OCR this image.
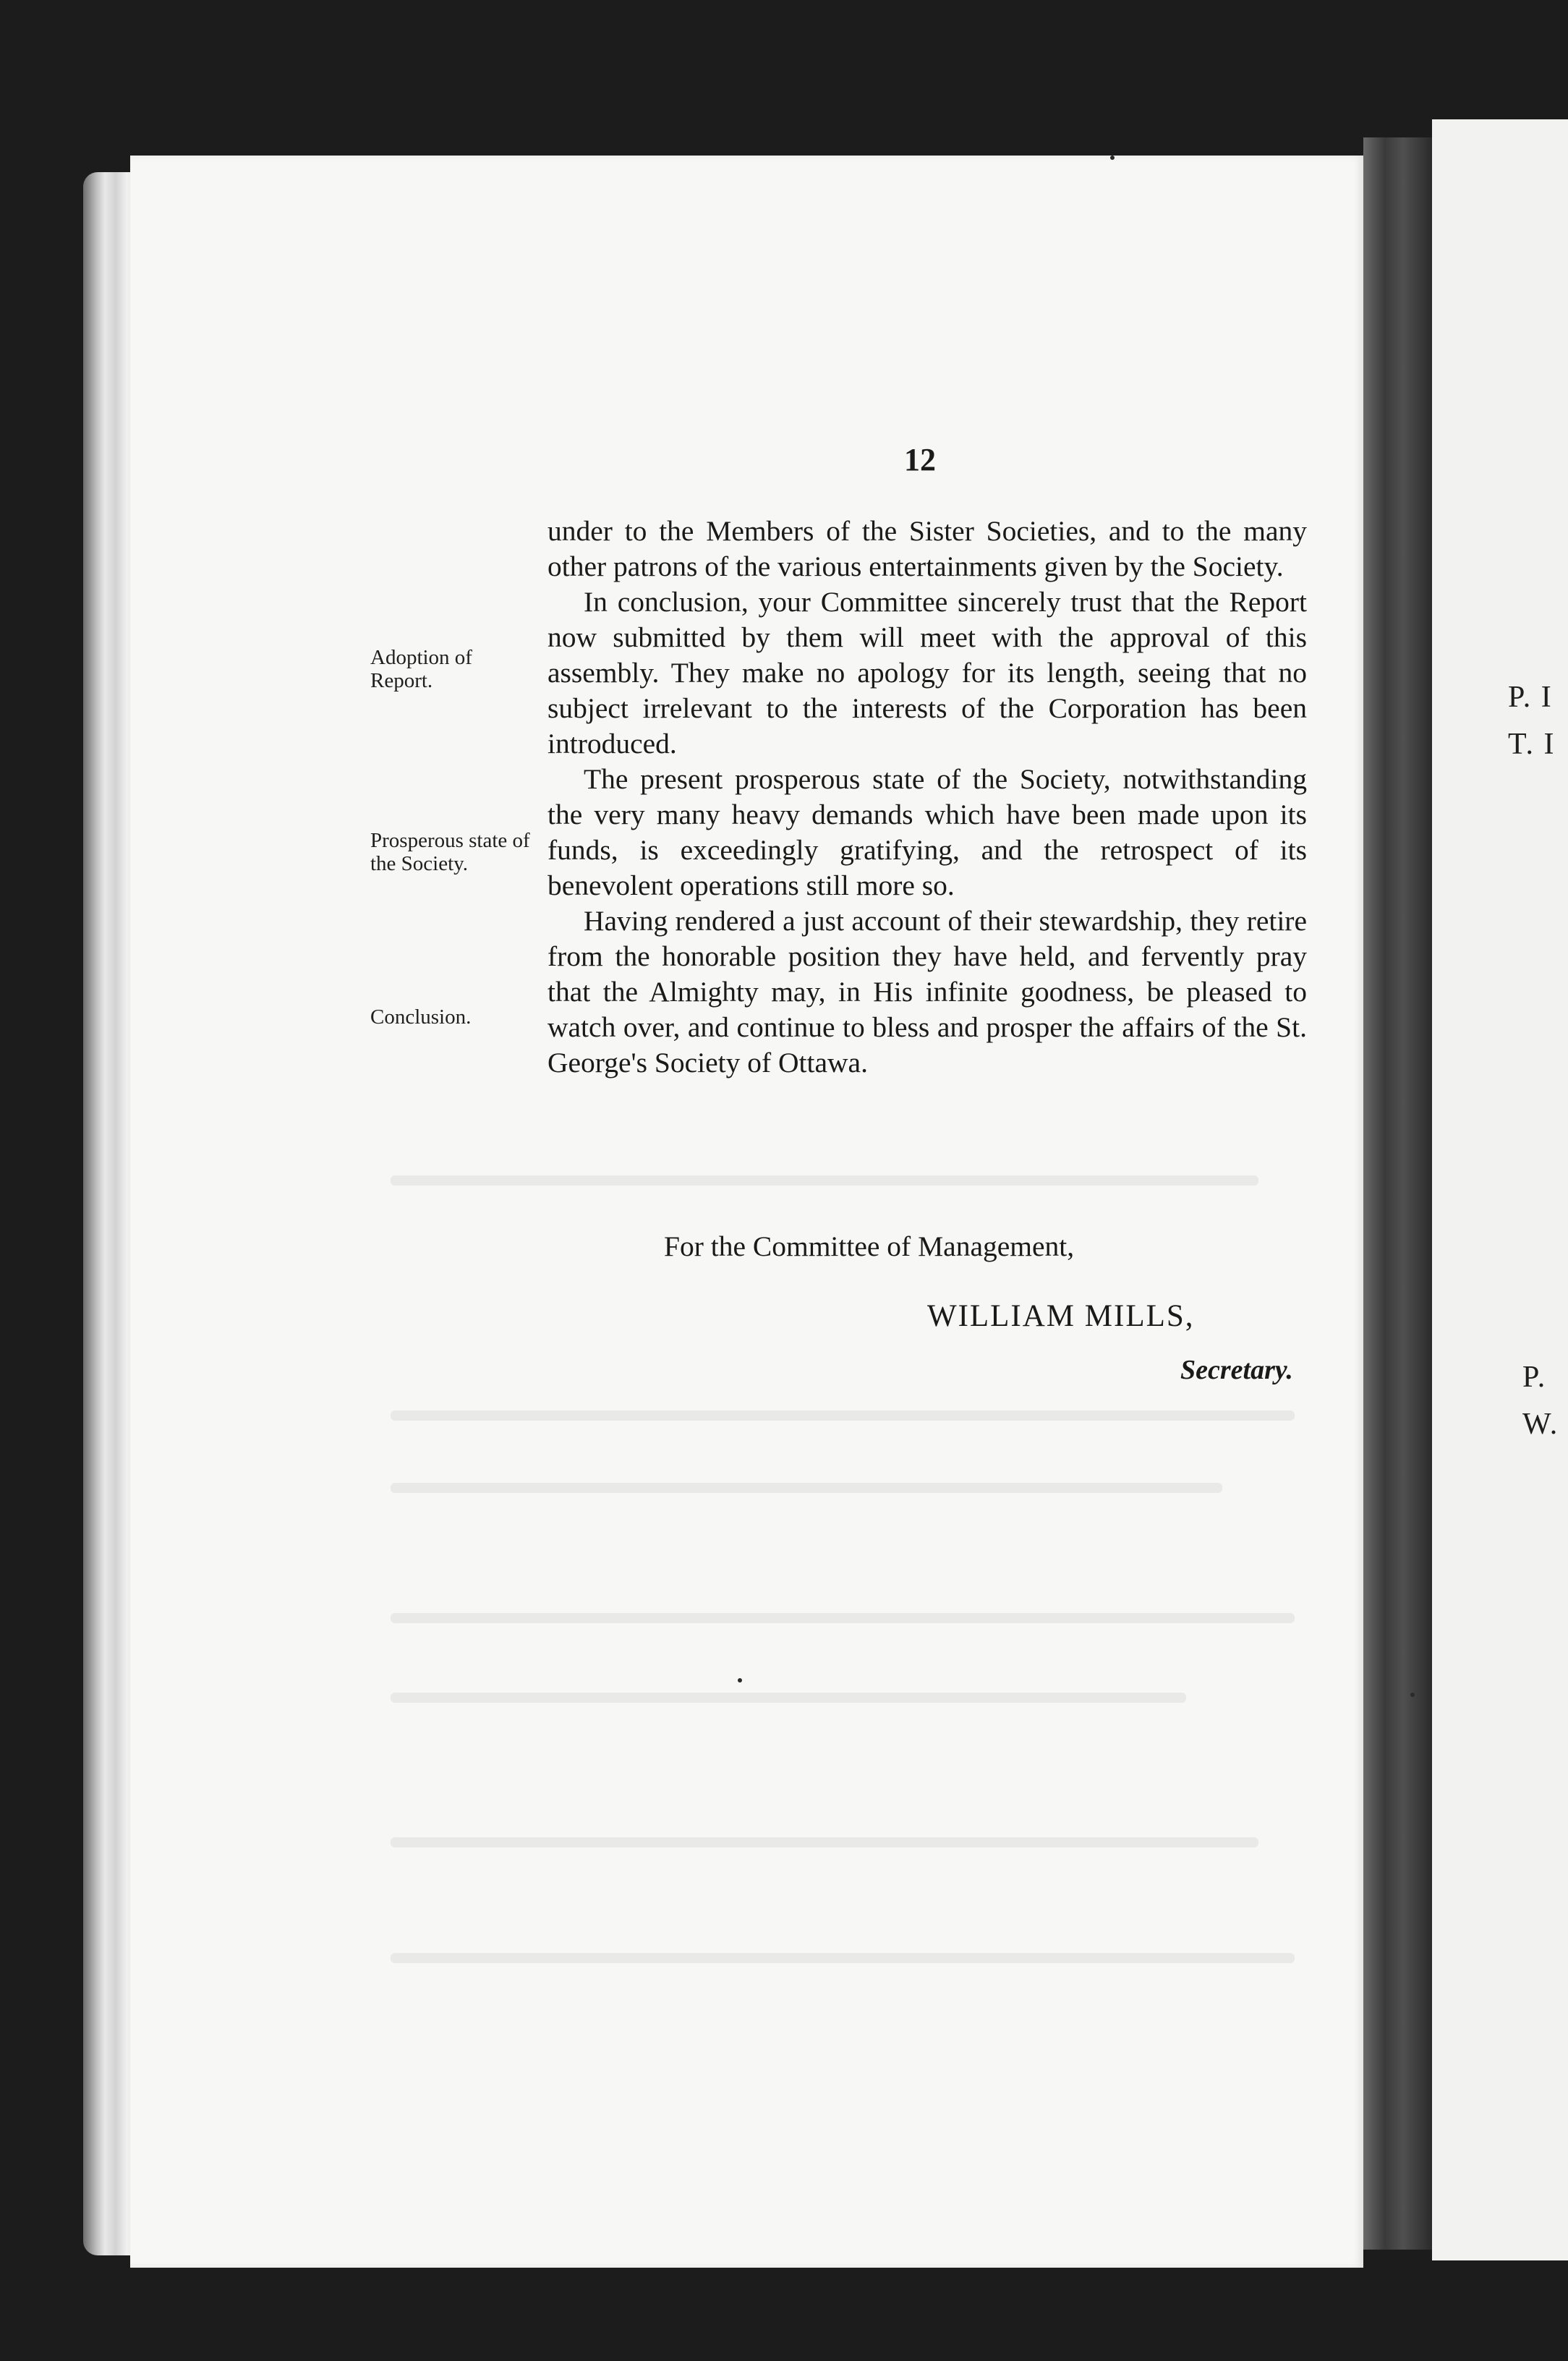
12
Adoption of Report.
Prosperous state of the Society.
Conclusion.

under to the Members of the Sister Societies, and to the many other patrons of the various entertainments given by the Society.

In conclusion, your Committee sincerely trust that the Report now submitted by them will meet with the approval of this assembly. They make no apology for its length, seeing that no subject irrelevant to the interests of the Corporation has been introduced.

The present prosperous state of the Society, notwithstanding the very many heavy demands which have been made upon its funds, is exceedingly gratifying, and the retrospect of its benevolent operations still more so.

Having rendered a just account of their stewardship, they retire from the honorable position they have held, and fervently pray that the Almighty may, in His infinite goodness, be pleased to watch over, and continue to bless and prosper the affairs of the St. George's Society of Ottawa.

For the Committee of Management,
WILLIAM MILLS,
Secretary.
P. I
T. I
P.
W.
